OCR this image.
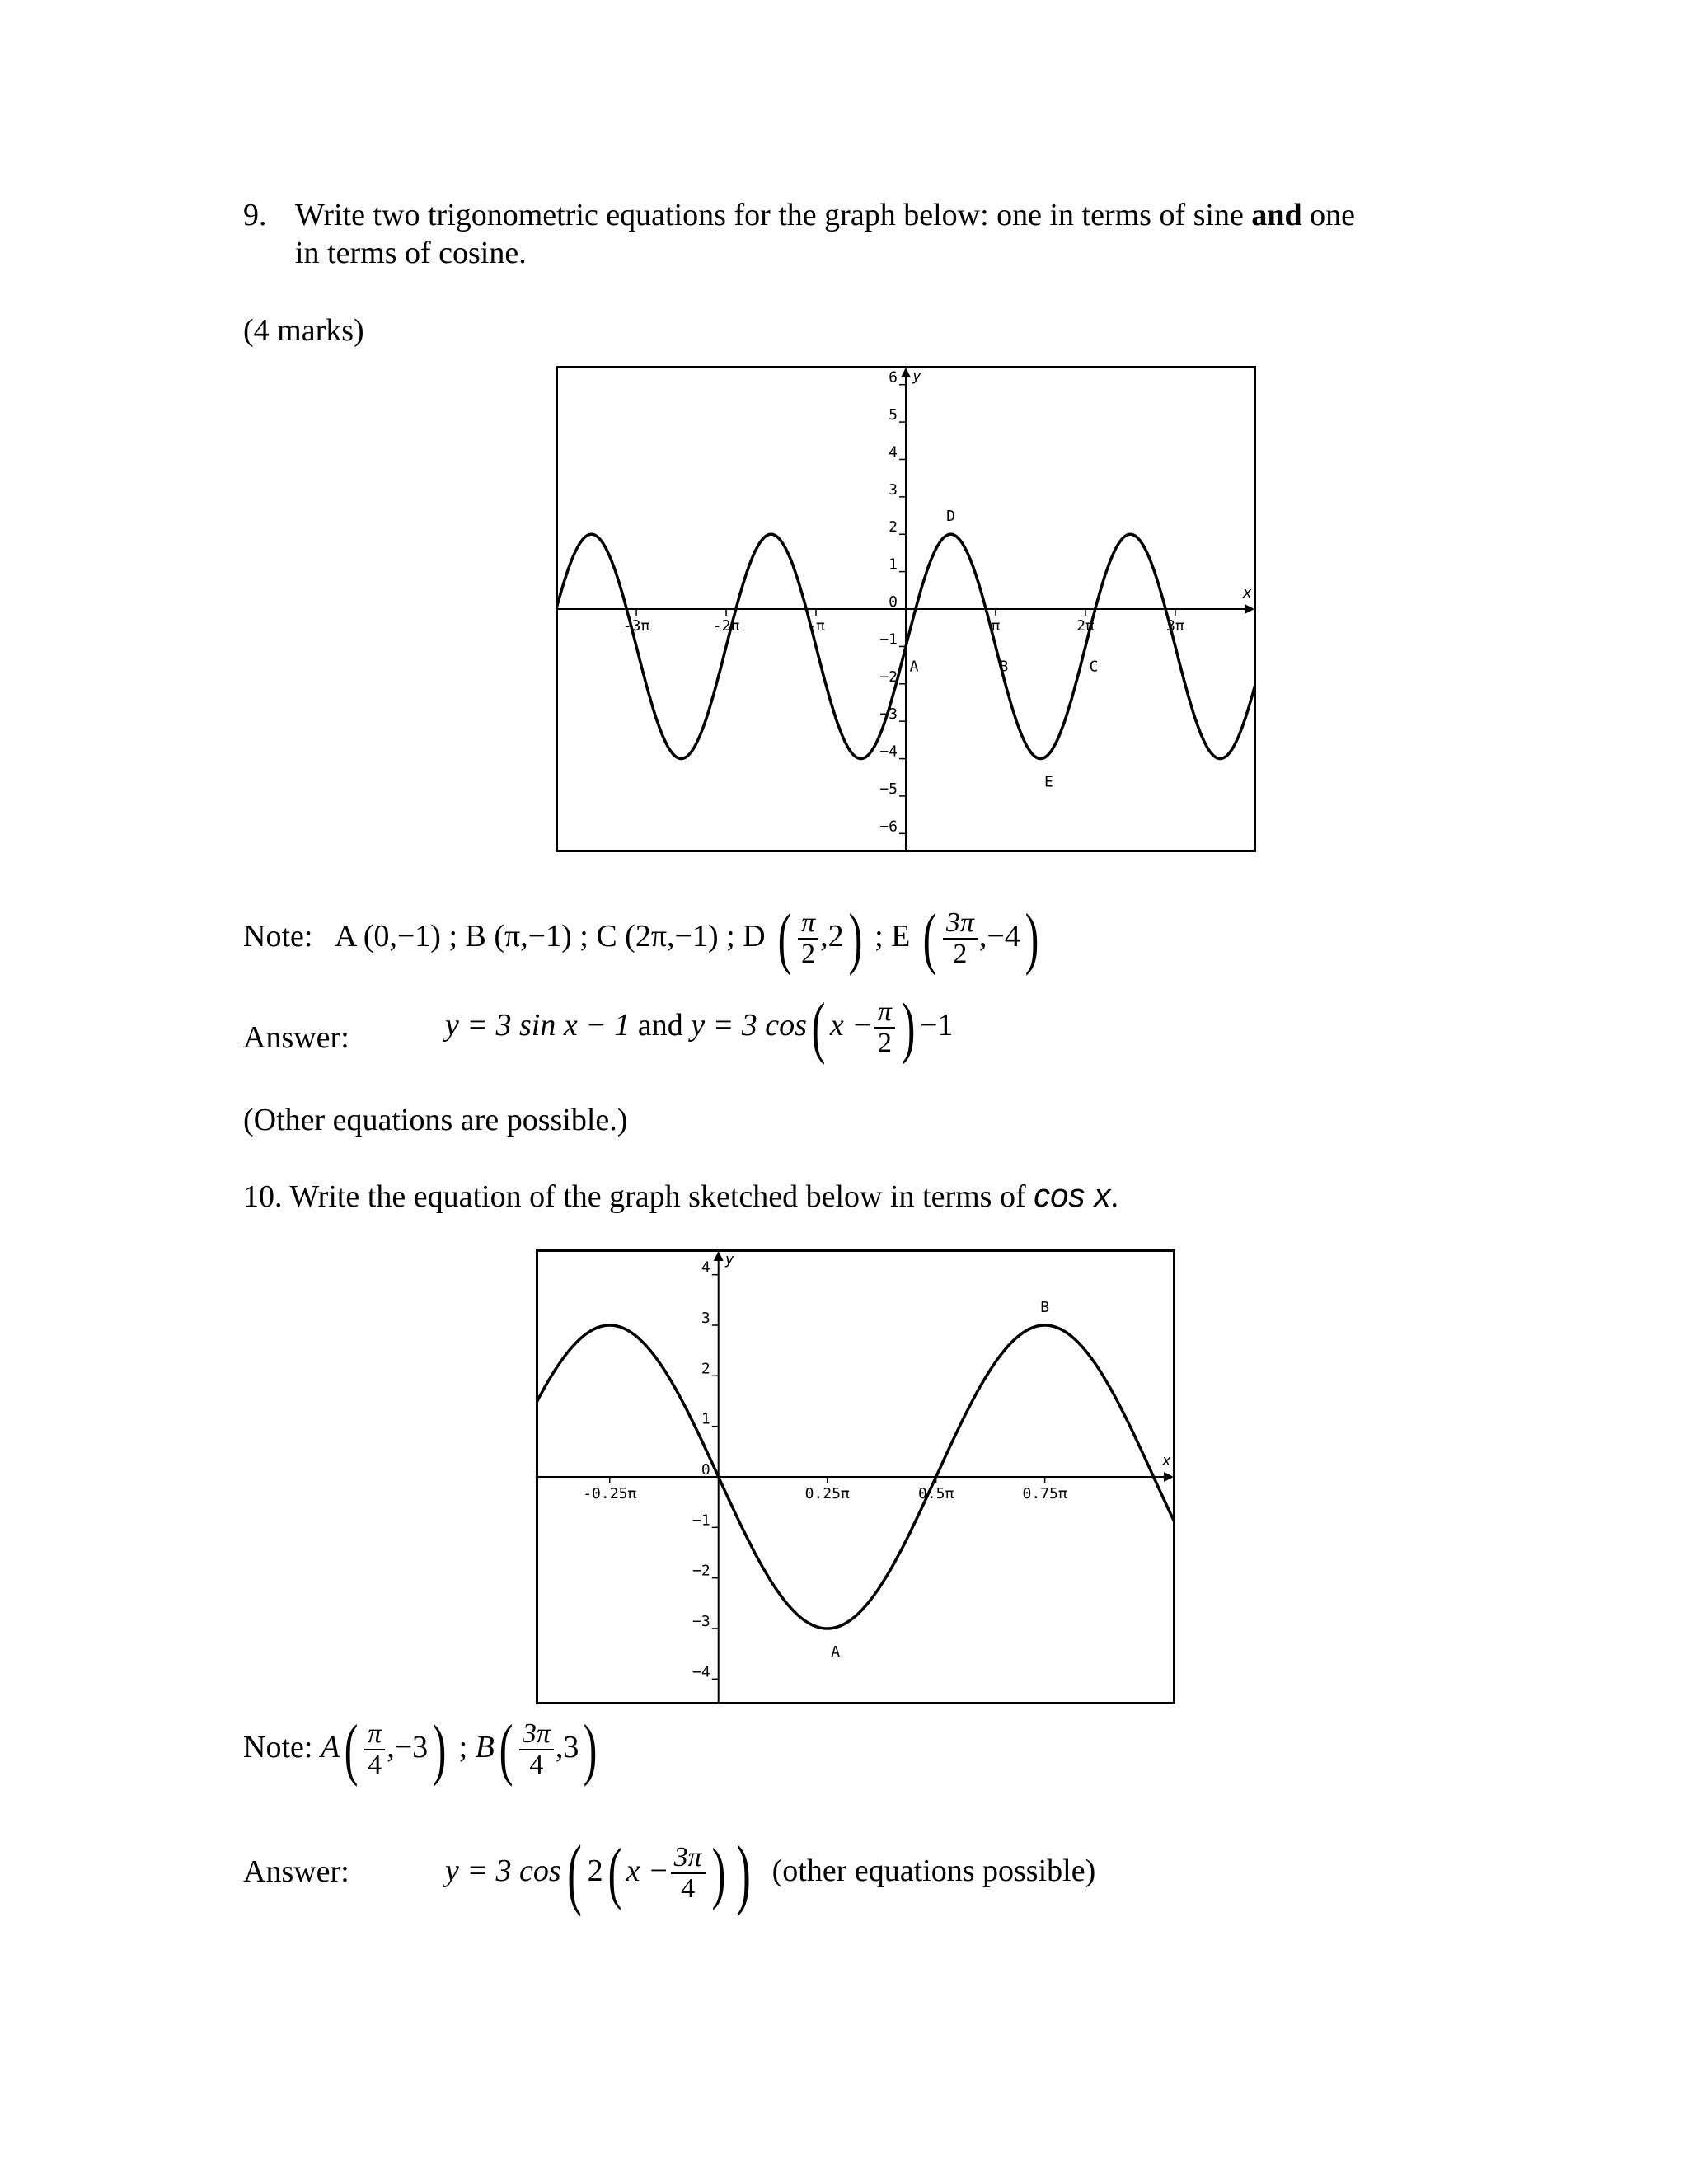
9. Write two trigonometric equations for the graph below: one in terms of sine and one
in terms of cosine.
(4 marks)
x
y
−6
−5
−4
−3
−2
−1
0
1
2
3
4
5
6
-3π	-2π	-π	π	2π	3π
A	B	C
D
E
Note: A (0,−1) ; B (π,−1) ; C (2π,−1) ; D ( $\frac{\pi}{2} ,2$) ; E ( $\frac{3\pi}{2} ,-4$)
Answer:	y = 3 sin x − 1 and y = 3 cos( $x - \frac{\pi}{2}$ ) −1
(Other equations are possible.)
10. Write the equation of the graph sketched below in terms of cos x.
x
y
−4
−3
−2
−1
0
1
2
3
4
-0.25π	0.25π	0.5π	0.75π
A
B
Note: $A( \frac{\pi}{4} ,-3)$ ; $B( \frac{3\pi}{4} ,3)$
Answer:	y = 3 cos( 2( $x - \frac{3\pi}{4}$ ) ) (other equations possible)
